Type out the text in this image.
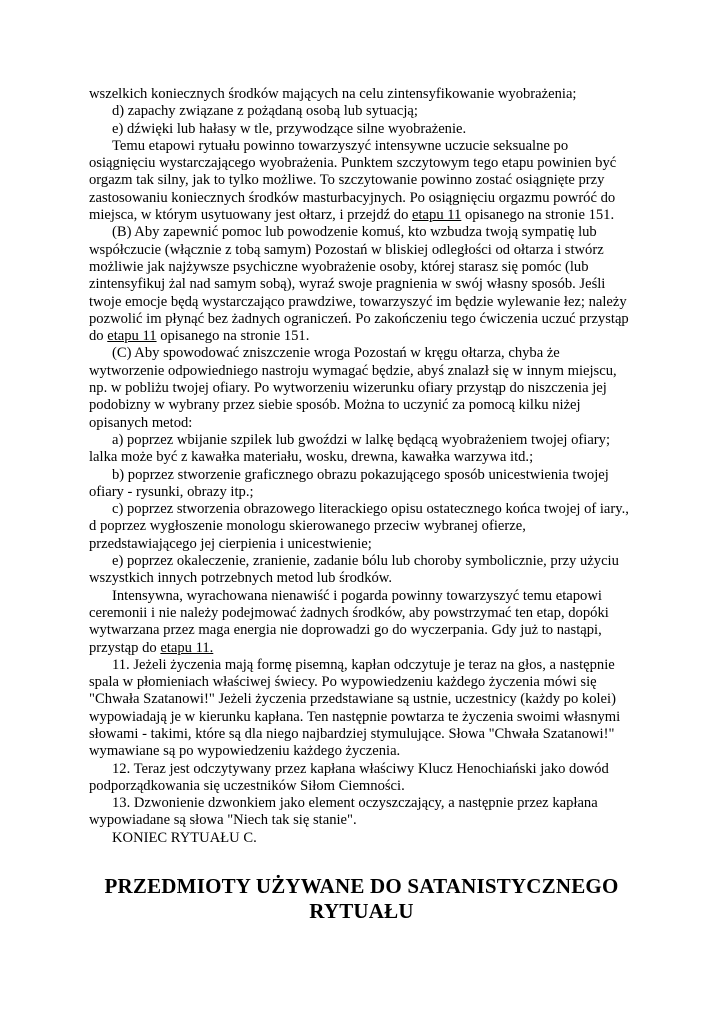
wszelkich koniecznych środków mających na celu zintensyfikowanie wyobrażenia;

d) zapachy związane z pożądaną osobą lub sytuacją;

e) dźwięki lub hałasy w tle, przywodzące silne wyobrażenie.

Temu etapowi rytuału powinno towarzyszyć intensywne uczucie seksualne po osiągnięciu wystarczającego wyobrażenia. Punktem szczytowym tego etapu powinien być orgazm tak silny, jak to tylko możliwe. To szczytowanie powinno zostać osiągnięte przy zastosowaniu koniecznych środków masturbacyjnych. Po osiągnięciu orgazmu powróć do miejsca, w którym usytuowany jest ołtarz, i przejdź do etapu 11 opisanego na stronie 151.

(B) Aby zapewnić pomoc lub powodzenie komuś, kto wzbudza twoją sympatię lub współczucie (włącznie z tobą samym) Pozostań w bliskiej odległości od ołtarza i stwórz możliwie jak najżywsze psychiczne wyobrażenie osoby, której starasz się pomóc (lub zintensyfikuj żal nad samym sobą), wyraź swoje pragnienia w swój własny sposób. Jeśli twoje emocje będą wystarczająco prawdziwe, towarzyszyć im będzie wylewanie łez; należy pozwolić im płynąć bez żadnych ograniczeń. Po zakończeniu tego ćwiczenia uczuć przystąp do etapu 11 opisanego na stronie 151.

(C) Aby spowodować zniszczenie wroga Pozostań w kręgu ołtarza, chyba że wytworzenie odpowiedniego nastroju wymagać będzie, abyś znalazł się w innym miejscu, np. w pobliżu twojej ofiary. Po wytworzeniu wizerunku ofiary przystąp do niszczenia jej podobizny w wybrany przez siebie sposób. Można to uczynić za pomocą kilku niżej opisanych metod:

a) poprzez wbijanie szpilek lub gwoździ w lalkę będącą wyobrażeniem twojej ofiary; lalka może być z kawałka materiału, wosku, drewna, kawałka warzywa itd.;

b) poprzez stworzenie graficznego obrazu pokazującego sposób unicestwienia twojej ofiary - rysunki, obrazy itp.;

c) poprzez stworzenia obrazowego literackiego opisu ostatecznego końca twojej of iary., d poprzez wygłoszenie monologu skierowanego przeciw wybranej ofierze, przedstawiającego jej cierpienia i unicestwienie;

e) poprzez okaleczenie, zranienie, zadanie bólu lub choroby symbolicznie, przy użyciu wszystkich innych potrzebnych metod lub środków.

Intensywna, wyrachowana nienawiść i pogarda powinny towarzyszyć temu etapowi ceremonii i nie należy podejmować żadnych środków, aby powstrzymać ten etap, dopóki wytwarzana przez maga energia nie doprowadzi go do wyczerpania. Gdy już to nastąpi, przystąp do etapu 11.

11. Jeżeli życzenia mają formę pisemną, kapłan odczytuje je teraz na głos, a następnie spala w płomieniach właściwej świecy. Po wypowiedzeniu każdego życzenia mówi się "Chwała Szatanowi!" Jeżeli życzenia przedstawiane są ustnie, uczestnicy (każdy po kolei) wypowiadają je w kierunku kapłana. Ten następnie powtarza te życzenia swoimi własnymi słowami - takimi, które są dla niego najbardziej stymulujące. Słowa "Chwała Szatanowi!" wymawiane są po wypowiedzeniu każdego życzenia.

12. Teraz jest odczytywany przez kapłana właściwy Klucz Henochiański jako dowód podporządkowania się uczestników Siłom Ciemności.

13. Dzwonienie dzwonkiem jako element oczyszczający, a następnie przez kapłana wypowiadane są słowa "Niech tak się stanie".

KONIEC RYTUAŁU C.

PRZEDMIOTY UŻYWANE DO SATANISTYCZNEGO
RYTUAŁU
